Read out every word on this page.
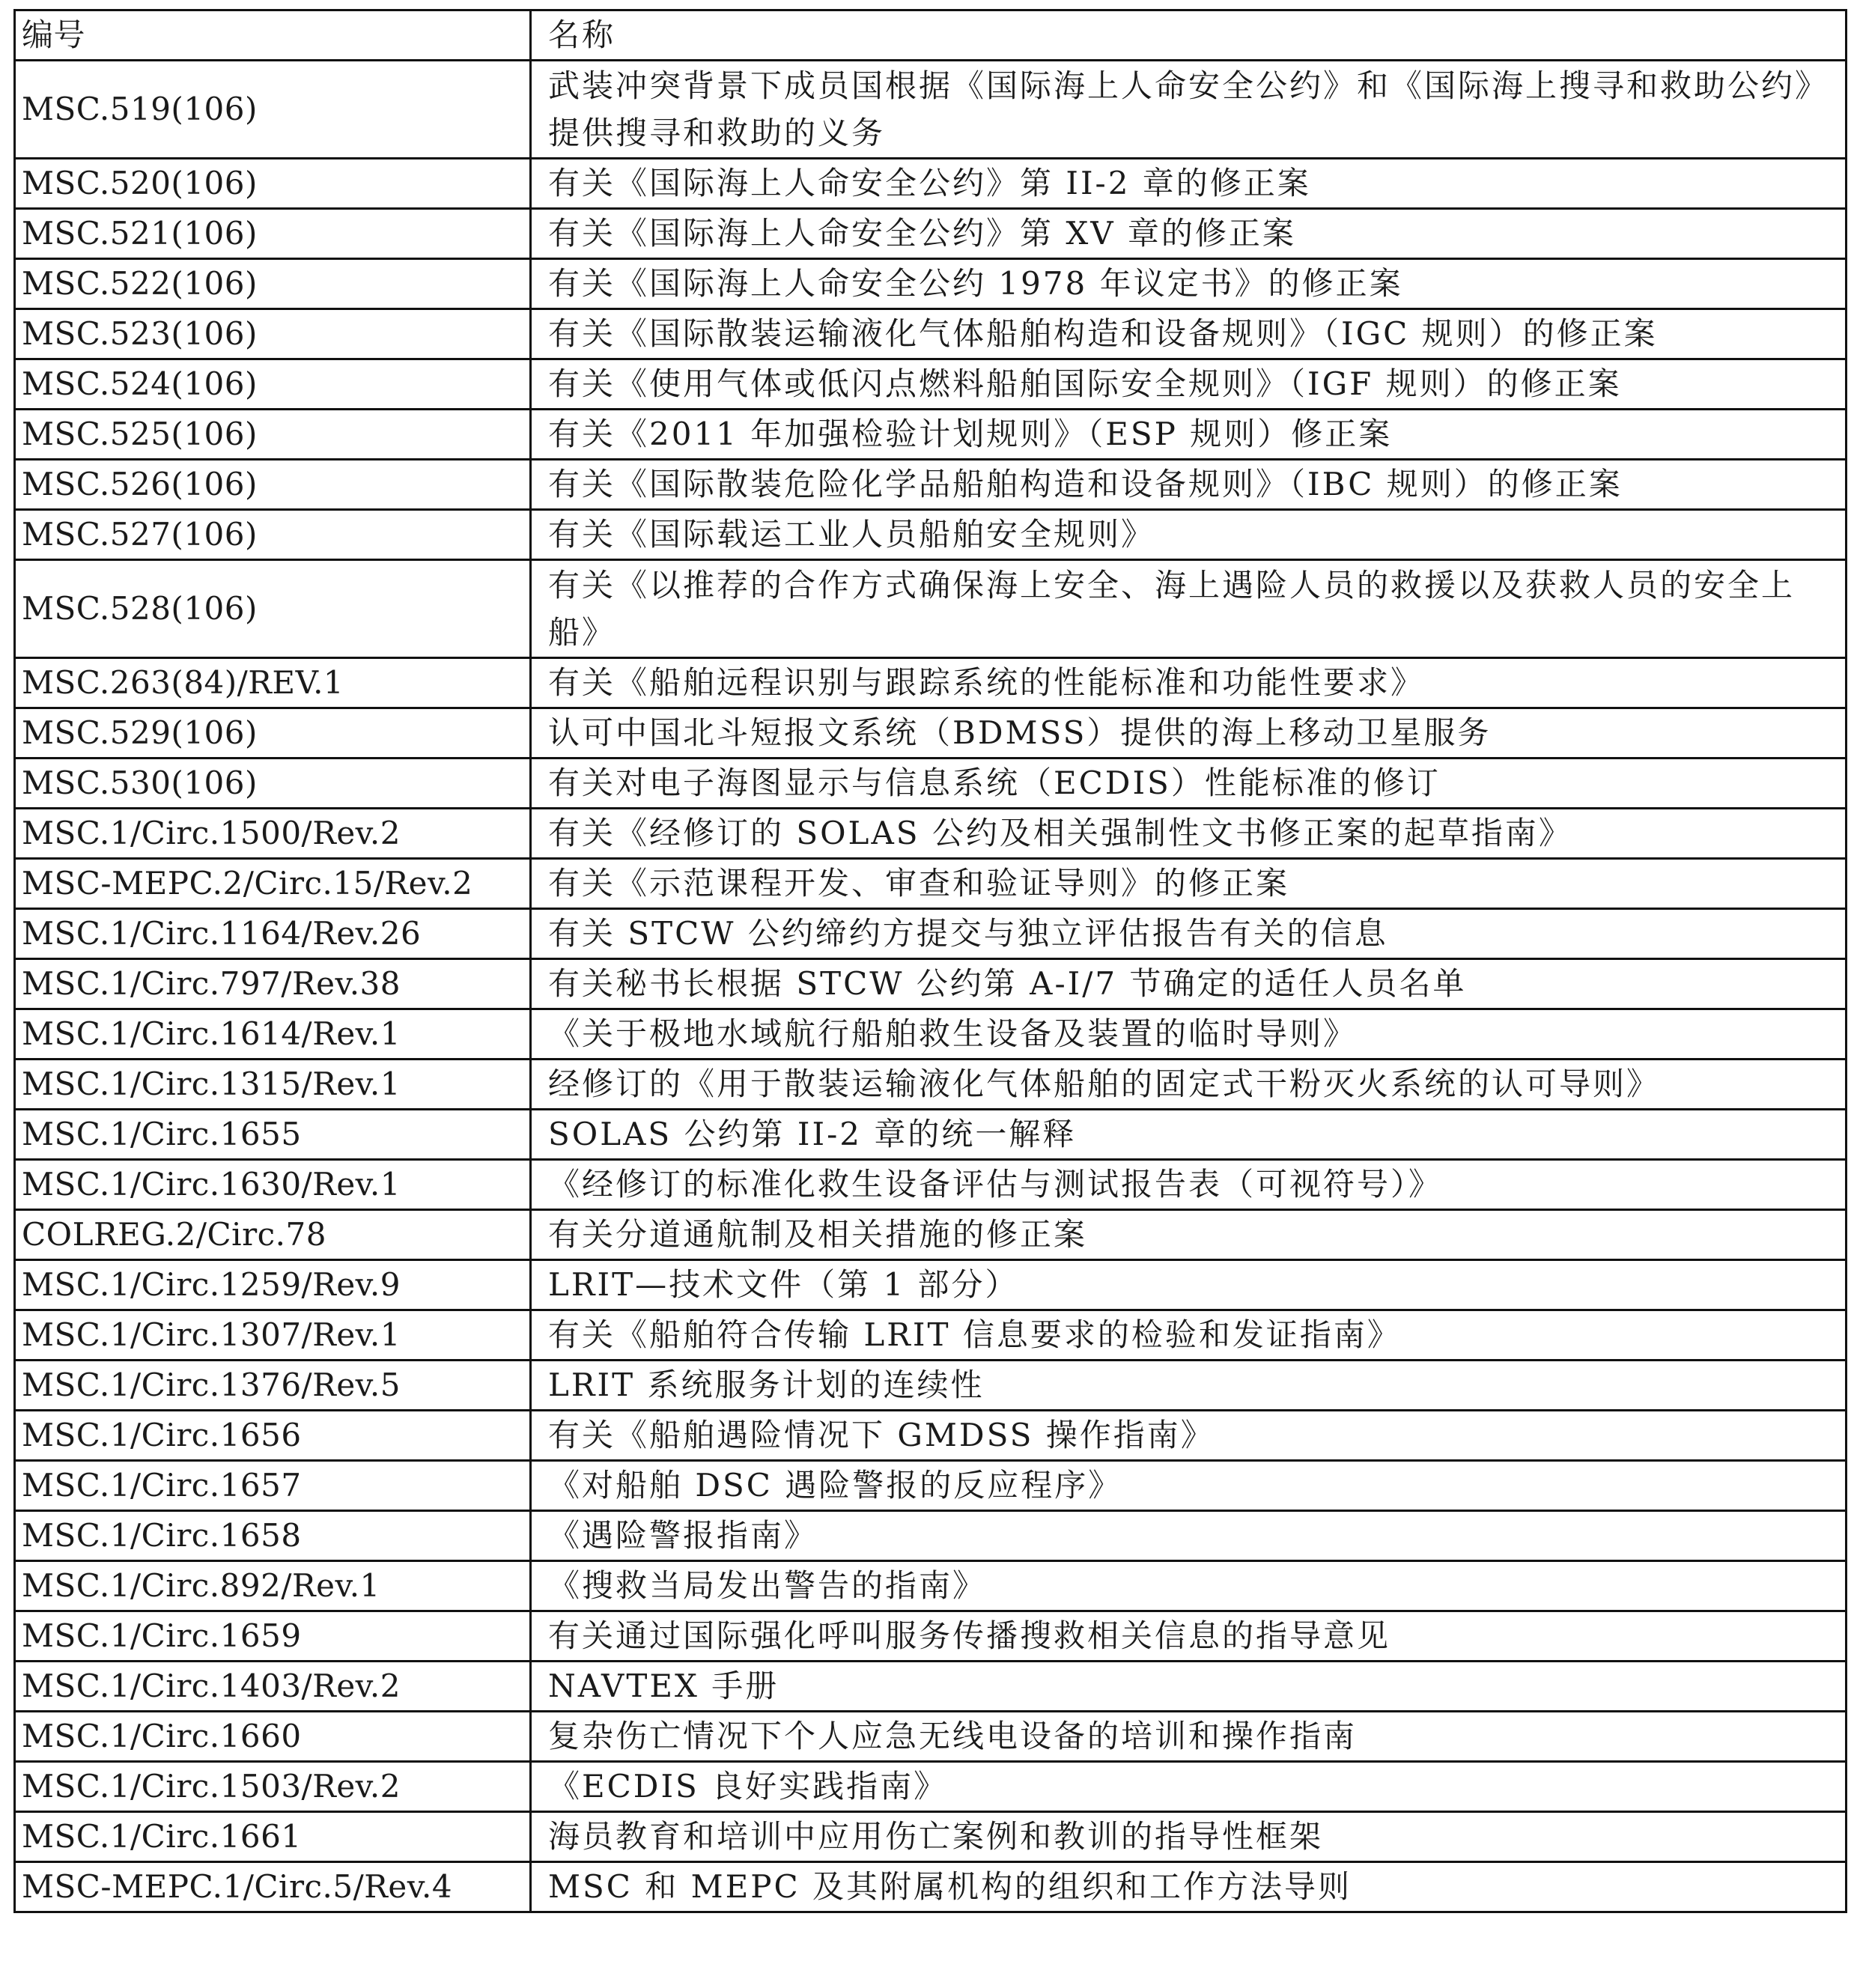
编号	名称
MSC.519(106)	武装冲突背景下成员国根据《国际海上人命安全公约》和《国际海上搜寻和救助公约》提供搜寻和救助的义务
MSC.520(106)	有关《国际海上人命安全公约》第 II-2 章的修正案
MSC.521(106)	有关《国际海上人命安全公约》第 XV 章的修正案
MSC.522(106)	有关《国际海上人命安全公约 1978 年议定书》的修正案
MSC.523(106)	有关《国际散装运输液化气体船舶构造和设备规则》（IGC 规则）的修正案
MSC.524(106)	有关《使用气体或低闪点燃料船舶国际安全规则》（IGF 规则）的修正案
MSC.525(106)	有关《2011 年加强检验计划规则》（ESP 规则）修正案
MSC.526(106)	有关《国际散装危险化学品船舶构造和设备规则》（IBC 规则）的修正案
MSC.527(106)	有关《国际载运工业人员船舶安全规则》
MSC.528(106)	有关《以推荐的合作方式确保海上安全、海上遇险人员的救援以及获救人员的安全上船》
MSC.263(84)/REV.1	有关《船舶远程识别与跟踪系统的性能标准和功能性要求》
MSC.529(106)	认可中国北斗短报文系统（BDMSS）提供的海上移动卫星服务
MSC.530(106)	有关对电子海图显示与信息系统（ECDIS）性能标准的修订
MSC.1/Circ.1500/Rev.2	有关《经修订的 SOLAS 公约及相关强制性文书修正案的起草指南》
MSC-MEPC.2/Circ.15/Rev.2	有关《示范课程开发、审查和验证导则》的修正案
MSC.1/Circ.1164/Rev.26	有关 STCW 公约缔约方提交与独立评估报告有关的信息
MSC.1/Circ.797/Rev.38	有关秘书长根据 STCW 公约第 A-I/7 节确定的适任人员名单
MSC.1/Circ.1614/Rev.1	《关于极地水域航行船舶救生设备及装置的临时导则》
MSC.1/Circ.1315/Rev.1	经修订的《用于散装运输液化气体船舶的固定式干粉灭火系统的认可导则》
MSC.1/Circ.1655	SOLAS 公约第 II-2 章的统一解释
MSC.1/Circ.1630/Rev.1	《经修订的标准化救生设备评估与测试报告表（可视符号）》
COLREG.2/Circ.78	有关分道通航制及相关措施的修正案
MSC.1/Circ.1259/Rev.9	LRIT—技术文件（第 1 部分）
MSC.1/Circ.1307/Rev.1	有关《船舶符合传输 LRIT 信息要求的检验和发证指南》
MSC.1/Circ.1376/Rev.5	LRIT 系统服务计划的连续性
MSC.1/Circ.1656	有关《船舶遇险情况下 GMDSS 操作指南》
MSC.1/Circ.1657	《对船舶 DSC 遇险警报的反应程序》
MSC.1/Circ.1658	《遇险警报指南》
MSC.1/Circ.892/Rev.1	《搜救当局发出警告的指南》
MSC.1/Circ.1659	有关通过国际强化呼叫服务传播搜救相关信息的指导意见
MSC.1/Circ.1403/Rev.2	NAVTEX 手册
MSC.1/Circ.1660	复杂伤亡情况下个人应急无线电设备的培训和操作指南
MSC.1/Circ.1503/Rev.2	《ECDIS 良好实践指南》
MSC.1/Circ.1661	海员教育和培训中应用伤亡案例和教训的指导性框架
MSC-MEPC.1/Circ.5/Rev.4	MSC 和 MEPC 及其附属机构的组织和工作方法导则
